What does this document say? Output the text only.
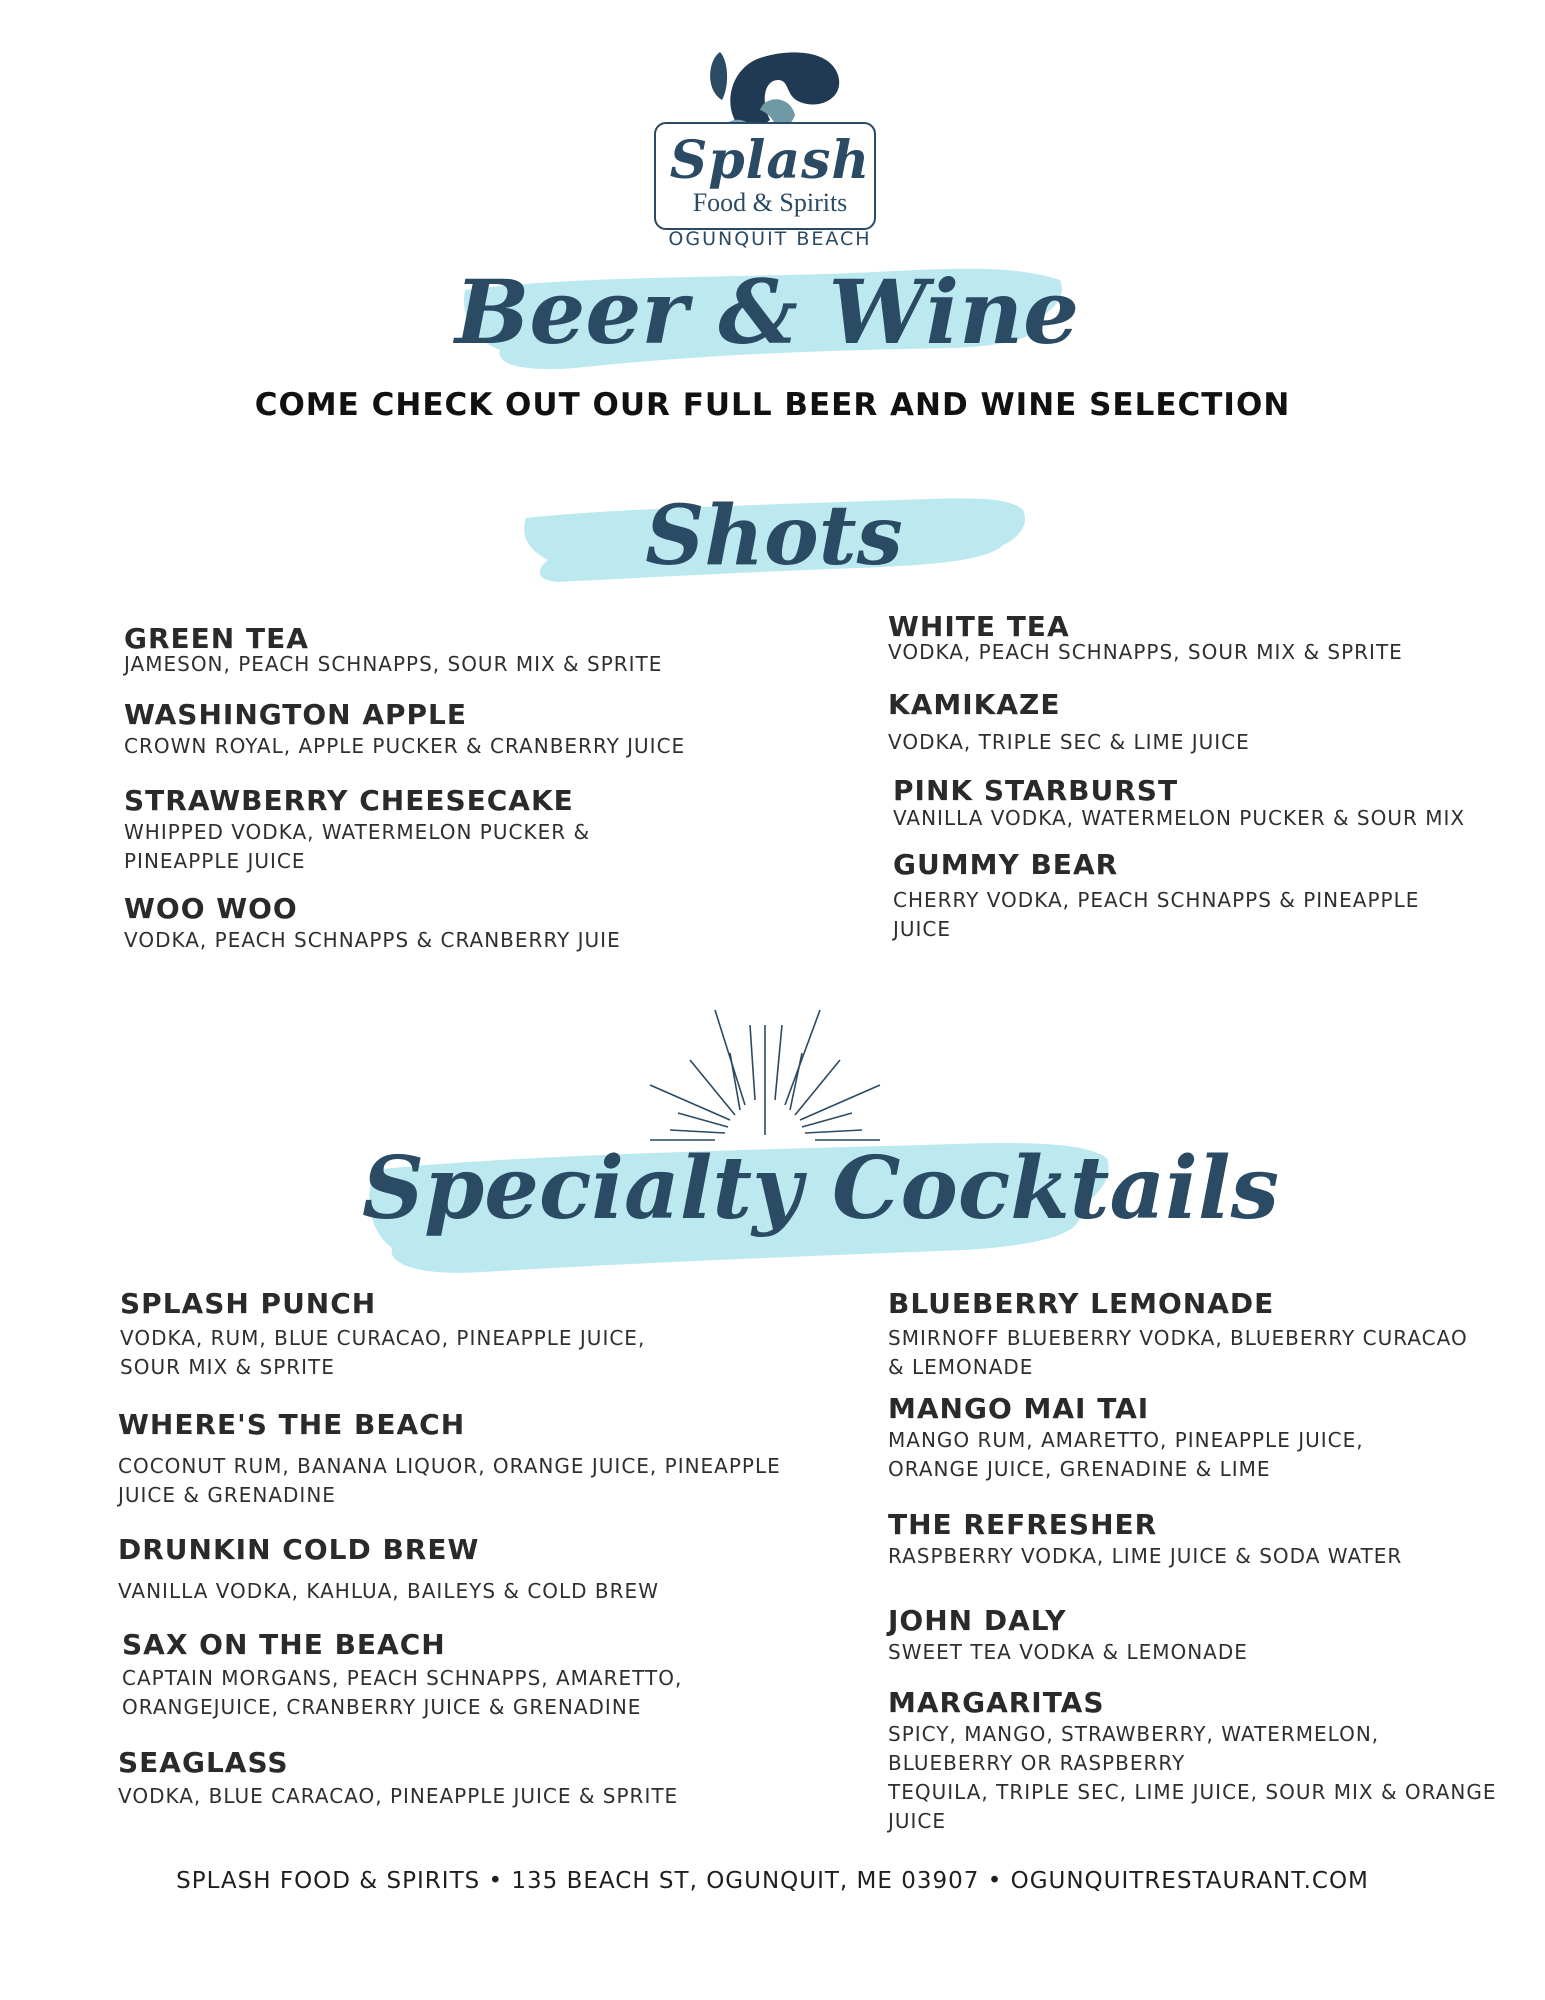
Splash
Food & Spirits
OGUNQUIT BEACH
Beer & Wine
COME CHECK OUT OUR FULL BEER AND WINE SELECTION
Shots
GREEN TEA
JAMESON, PEACH SCHNAPPS, SOUR MIX & SPRITE
WASHINGTON APPLE
CROWN ROYAL, APPLE PUCKER & CRANBERRY JUICE
STRAWBERRY CHEESECAKE
WHIPPED VODKA, WATERMELON PUCKER & PINEAPPLE JUICE
WOO WOO
VODKA, PEACH SCHNAPPS & CRANBERRY JUIE
WHITE TEA
VODKA, PEACH SCHNAPPS, SOUR MIX & SPRITE
KAMIKAZE
VODKA, TRIPLE SEC & LIME JUICE
PINK STARBURST
VANILLA VODKA, WATERMELON PUCKER & SOUR MIX
GUMMY BEAR
CHERRY VODKA, PEACH SCHNAPPS & PINEAPPLE JUICE
Specialty Cocktails
SPLASH PUNCH
VODKA, RUM, BLUE CURACAO, PINEAPPLE JUICE, SOUR MIX & SPRITE
WHERE'S THE BEACH
COCONUT RUM, BANANA LIQUOR, ORANGE JUICE, PINEAPPLE JUICE & GRENADINE
DRUNKIN COLD BREW
VANILLA VODKA, KAHLUA, BAILEYS & COLD BREW
SAX ON THE BEACH
CAPTAIN MORGANS, PEACH SCHNAPPS, AMARETTO, ORANGEJUICE, CRANBERRY JUICE & GRENADINE
SEAGLASS
VODKA, BLUE CARACAO, PINEAPPLE JUICE & SPRITE
BLUEBERRY LEMONADE
SMIRNOFF BLUEBERRY VODKA, BLUEBERRY CURACAO & LEMONADE
MANGO MAI TAI
MANGO RUM, AMARETTO, PINEAPPLE JUICE, ORANGE JUICE, GRENADINE & LIME
THE REFRESHER
RASPBERRY VODKA, LIME JUICE & SODA WATER
JOHN DALY
SWEET TEA VODKA & LEMONADE
MARGARITAS
SPICY, MANGO, STRAWBERRY, WATERMELON, BLUEBERRY OR RASPBERRY
TEQUILA, TRIPLE SEC, LIME JUICE, SOUR MIX & ORANGE JUICE
SPLASH FOOD & SPIRITS • 135 BEACH ST, OGUNQUIT, ME 03907 • OGUNQUITRESTAURANT.COM
